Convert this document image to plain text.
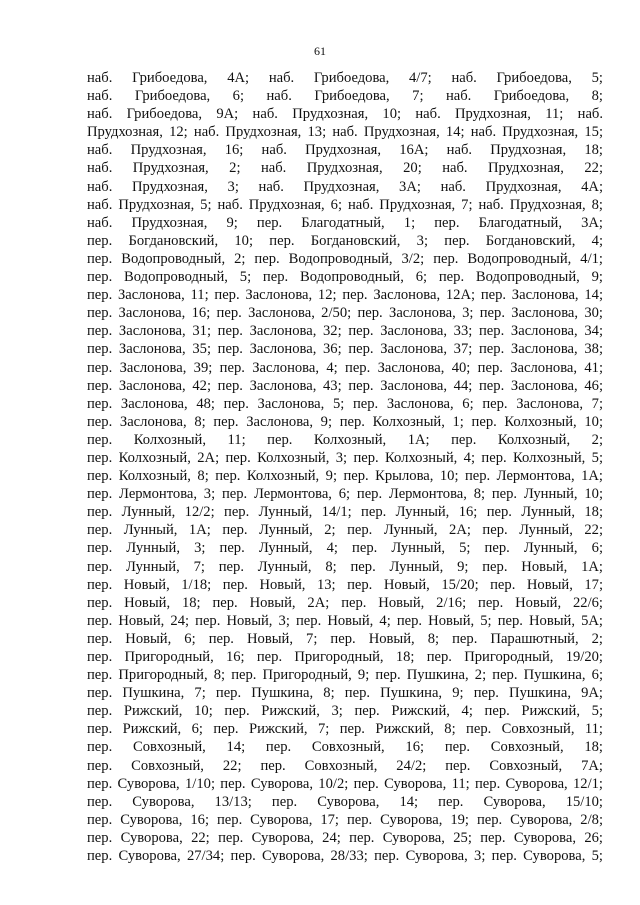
61
наб. Грибоедова, 4А; наб. Грибоедова, 4/7; наб. Грибоедова, 5;
наб. Грибоедова, 6; наб. Грибоедова, 7; наб. Грибоедова, 8;
наб. Грибоедова, 9А; наб. Прудхозная, 10; наб. Прудхозная, 11; наб.
Прудхозная, 12; наб. Прудхозная, 13; наб. Прудхозная, 14; наб. Прудхозная, 15;
наб. Прудхозная, 16; наб. Прудхозная, 16А; наб. Прудхозная, 18;
наб. Прудхозная, 2; наб. Прудхозная, 20; наб. Прудхозная, 22;
наб. Прудхозная, 3; наб. Прудхозная, 3А; наб. Прудхозная, 4А;
наб. Прудхозная, 5; наб. Прудхозная, 6; наб. Прудхозная, 7; наб. Прудхозная, 8;
наб. Прудхозная, 9; пер. Благодатный, 1; пер. Благодатный, 3А;
пер. Богдановский, 10; пер. Богдановский, 3; пер. Богдановский, 4;
пер. Водопроводный, 2; пер. Водопроводный, 3/2; пер. Водопроводный, 4/1;
пер. Водопроводный, 5; пер. Водопроводный, 6; пер. Водопроводный, 9;
пер. Заслонова, 11; пер. Заслонова, 12; пер. Заслонова, 12А; пер. Заслонова, 14;
пер. Заслонова, 16; пер. Заслонова, 2/50; пер. Заслонова, 3; пер. Заслонова, 30;
пер. Заслонова, 31; пер. Заслонова, 32; пер. Заслонова, 33; пер. Заслонова, 34;
пер. Заслонова, 35; пер. Заслонова, 36; пер. Заслонова, 37; пер. Заслонова, 38;
пер. Заслонова, 39; пер. Заслонова, 4; пер. Заслонова, 40; пер. Заслонова, 41;
пер. Заслонова, 42; пер. Заслонова, 43; пер. Заслонова, 44; пер. Заслонова, 46;
пер. Заслонова, 48; пер. Заслонова, 5; пер. Заслонова, 6; пер. Заслонова, 7;
пер. Заслонова, 8; пер. Заслонова, 9; пер. Колхозный, 1; пер. Колхозный, 10;
пер. Колхозный, 11; пер. Колхозный, 1А; пер. Колхозный, 2;
пер. Колхозный, 2А; пер. Колхозный, 3; пер. Колхозный, 4; пер. Колхозный, 5;
пер. Колхозный, 8; пер. Колхозный, 9; пер. Крылова, 10; пер. Лермонтова, 1А;
пер. Лермонтова, 3; пер. Лермонтова, 6; пер. Лермонтова, 8; пер. Лунный, 10;
пер. Лунный, 12/2; пер. Лунный, 14/1; пер. Лунный, 16; пер. Лунный, 18;
пер. Лунный, 1А; пер. Лунный, 2; пер. Лунный, 2А; пер. Лунный, 22;
пер. Лунный, 3; пер. Лунный, 4; пер. Лунный, 5; пер. Лунный, 6;
пер. Лунный, 7; пер. Лунный, 8; пер. Лунный, 9; пер. Новый, 1А;
пер. Новый, 1/18; пер. Новый, 13; пер. Новый, 15/20; пер. Новый, 17;
пер. Новый, 18; пер. Новый, 2А; пер. Новый, 2/16; пер. Новый, 22/6;
пер. Новый, 24; пер. Новый, 3; пер. Новый, 4; пер. Новый, 5; пер. Новый, 5А;
пер. Новый, 6; пер. Новый, 7; пер. Новый, 8; пер. Парашютный, 2;
пер. Пригородный, 16; пер. Пригородный, 18; пер. Пригородный, 19/20;
пер. Пригородный, 8; пер. Пригородный, 9; пер. Пушкина, 2; пер. Пушкина, 6;
пер. Пушкина, 7; пер. Пушкина, 8; пер. Пушкина, 9; пер. Пушкина, 9А;
пер. Рижский, 10; пер. Рижский, 3; пер. Рижский, 4; пер. Рижский, 5;
пер. Рижский, 6; пер. Рижский, 7; пер. Рижский, 8; пер. Совхозный, 11;
пер. Совхозный, 14; пер. Совхозный, 16; пер. Совхозный, 18;
пер. Совхозный, 22; пер. Совхозный, 24/2; пер. Совхозный, 7А;
пер. Суворова, 1/10; пер. Суворова, 10/2; пер. Суворова, 11; пер. Суворова, 12/1;
пер. Суворова, 13/13; пер. Суворова, 14; пер. Суворова, 15/10;
пер. Суворова, 16; пер. Суворова, 17; пер. Суворова, 19; пер. Суворова, 2/8;
пер. Суворова, 22; пер. Суворова, 24; пер. Суворова, 25; пер. Суворова, 26;
пер. Суворова, 27/34; пер. Суворова, 28/33; пер. Суворова, 3; пер. Суворова, 5;
